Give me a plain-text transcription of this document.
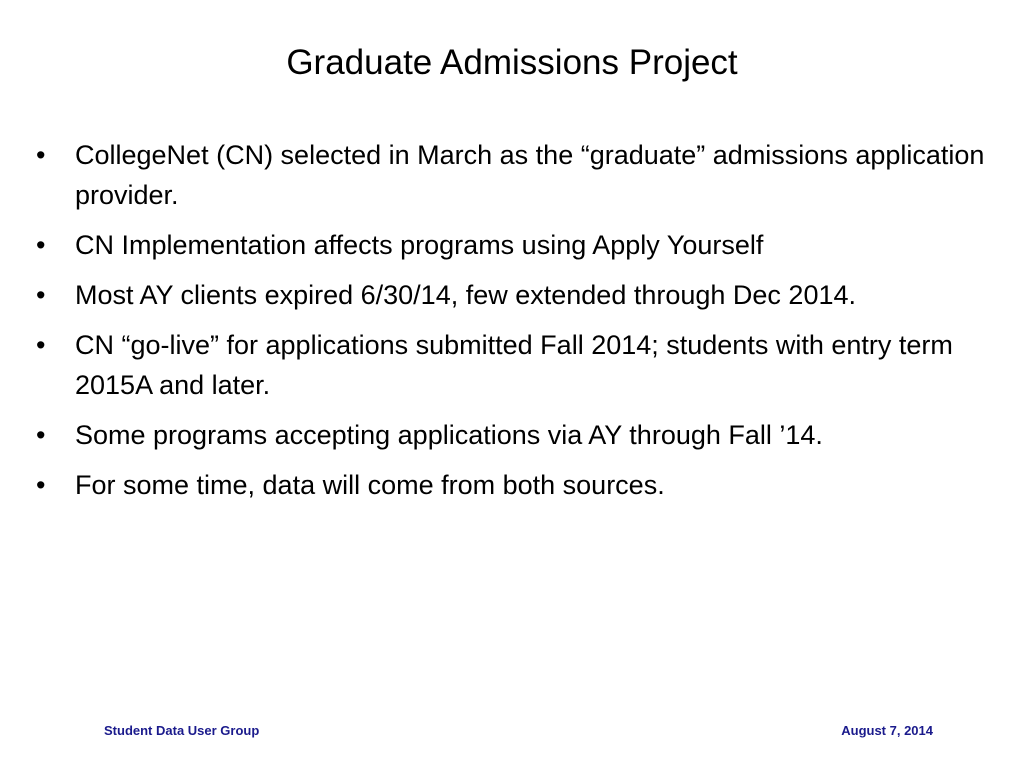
Graduate Admissions Project
•	CollegeNet (CN) selected in March as the “graduate” admissions application provider.
•	CN Implementation affects programs using Apply Yourself
•	Most AY clients expired 6/30/14, few extended through Dec 2014.
•	CN “go-live” for applications submitted Fall 2014; students with entry term 2015A and later.
•	Some programs accepting applications via AY through Fall ’14.
•	For some time, data will come from both sources.
Student Data User Group	August 7, 2014
